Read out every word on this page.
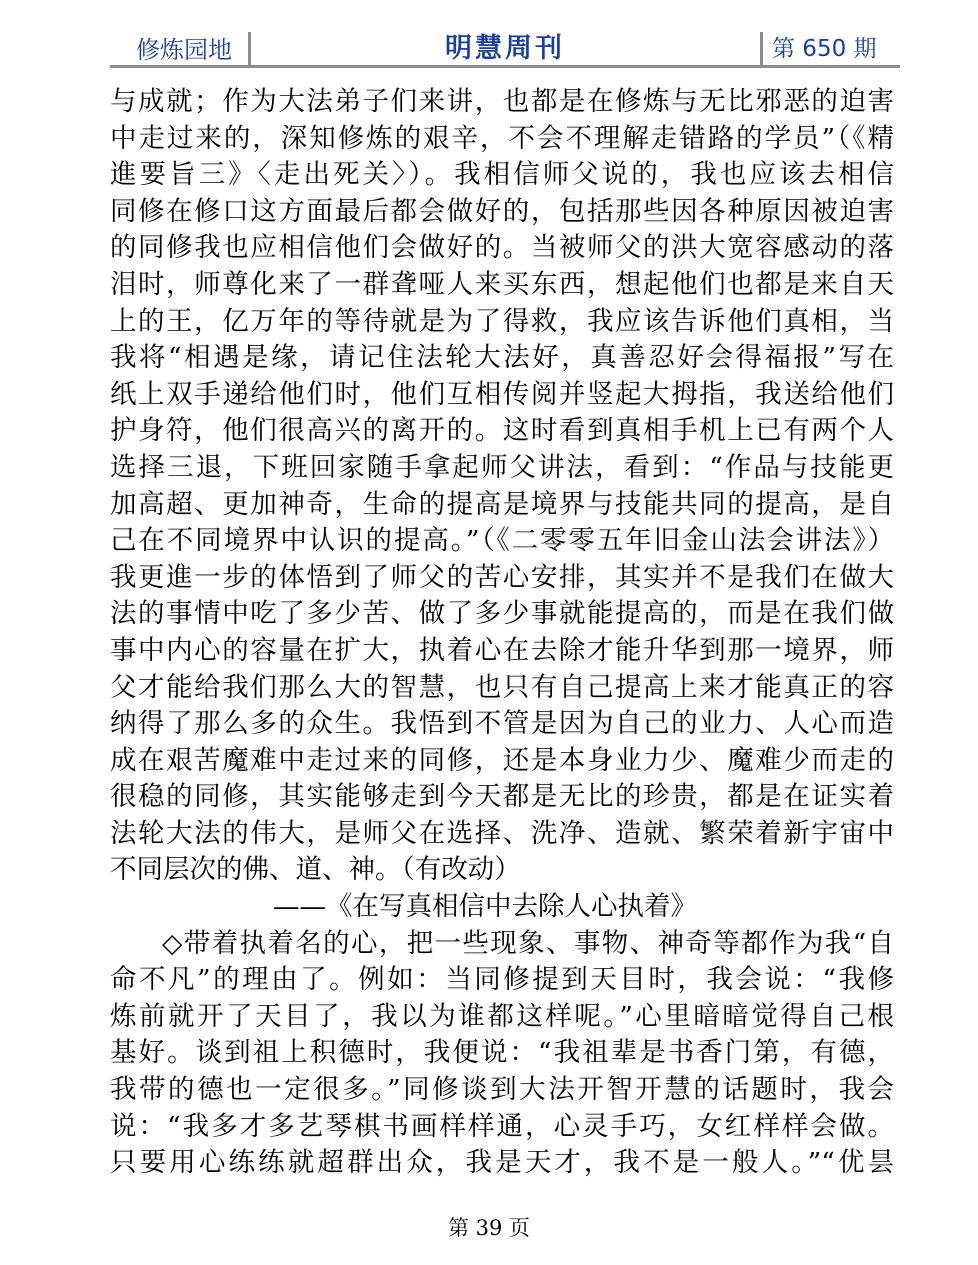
修炼园地	明慧周刊	第 650 期
与成就；作为大法弟子们来讲，也都是在修炼与无比邪恶的迫害
中走过来的，深知修炼的艰辛，不会不理解走错路的学员”（《精
進要旨三》〈走出死关〉）。我相信师父说的，我也应该去相信
同修在修口这方面最后都会做好的，包括那些因各种原因被迫害
的同修我也应相信他们会做好的。当被师父的洪大宽容感动的落
泪时，师尊化来了一群聋哑人来买东西，想起他们也都是来自天
上的王，亿万年的等待就是为了得救，我应该告诉他们真相，当
我将“相遇是缘，请记住法轮大法好，真善忍好会得福报”写在
纸上双手递给他们时，他们互相传阅并竖起大拇指，我送给他们
护身符，他们很高兴的离开的。这时看到真相手机上已有两个人
选择三退，下班回家随手拿起师父讲法，看到：“作品与技能更
加高超、更加神奇，生命的提高是境界与技能共同的提高，是自
己在不同境界中认识的提高。”（《二零零五年旧金山法会讲法》）
我更進一步的体悟到了师父的苦心安排，其实并不是我们在做大
法的事情中吃了多少苦、做了多少事就能提高的，而是在我们做
事中内心的容量在扩大，执着心在去除才能升华到那一境界，师
父才能给我们那么大的智慧，也只有自己提高上来才能真正的容
纳得了那么多的众生。我悟到不管是因为自己的业力、人心而造
成在艰苦魔难中走过来的同修，还是本身业力少、魔难少而走的
很稳的同修，其实能够走到今天都是无比的珍贵，都是在证实着
法轮大法的伟大，是师父在选择、洗净、造就、繁荣着新宇宙中
不同层次的佛、道、神。（有改动）
——《在写真相信中去除人心执着》
◇带着执着名的心，把一些现象、事物、神奇等都作为我“自
命不凡”的理由了。例如：当同修提到天目时，我会说：“我修
炼前就开了天目了，我以为谁都这样呢。”心里暗暗觉得自己根
基好。谈到祖上积德时，我便说：“我祖辈是书香门第，有德，
我带的德也一定很多。”同修谈到大法开智开慧的话题时，我会
说：“我多才多艺琴棋书画样样通，心灵手巧，女红样样会做。
只要用心练练就超群出众，我是天才，我不是一般人。”“优昙
第 39 页
